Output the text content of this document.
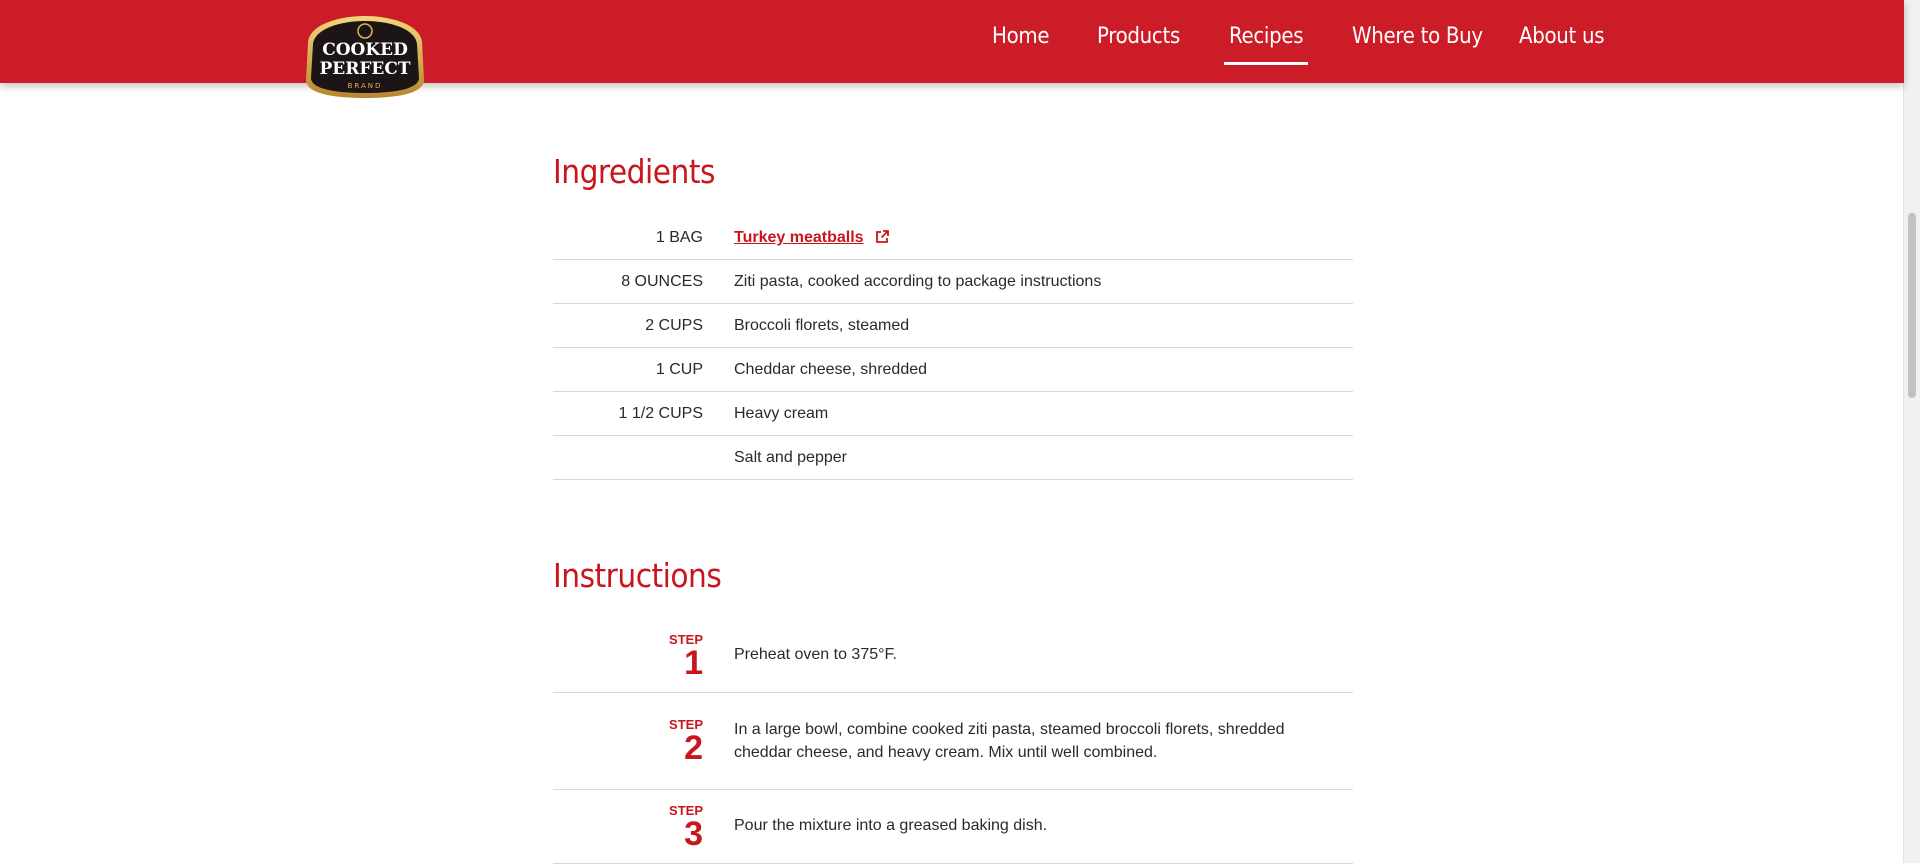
Home Products Recipes Where to Buy About us
COOKED
PERFECT
BRAND
Ingredients
1 BAG Turkey meatballs
8 OUNCES Ziti pasta, cooked according to package instructions
2 CUPS Broccoli florets, steamed
1 CUP Cheddar cheese, shredded
1 1/2 CUPS Heavy cream
Salt and pepper
Instructions
STEP
1 Preheat oven to 375°F.
STEP
2 In a large bowl, combine cooked ziti pasta, steamed broccoli florets, shredded cheddar cheese, and heavy cream. Mix until well combined.
STEP
3 Pour the mixture into a greased baking dish.
